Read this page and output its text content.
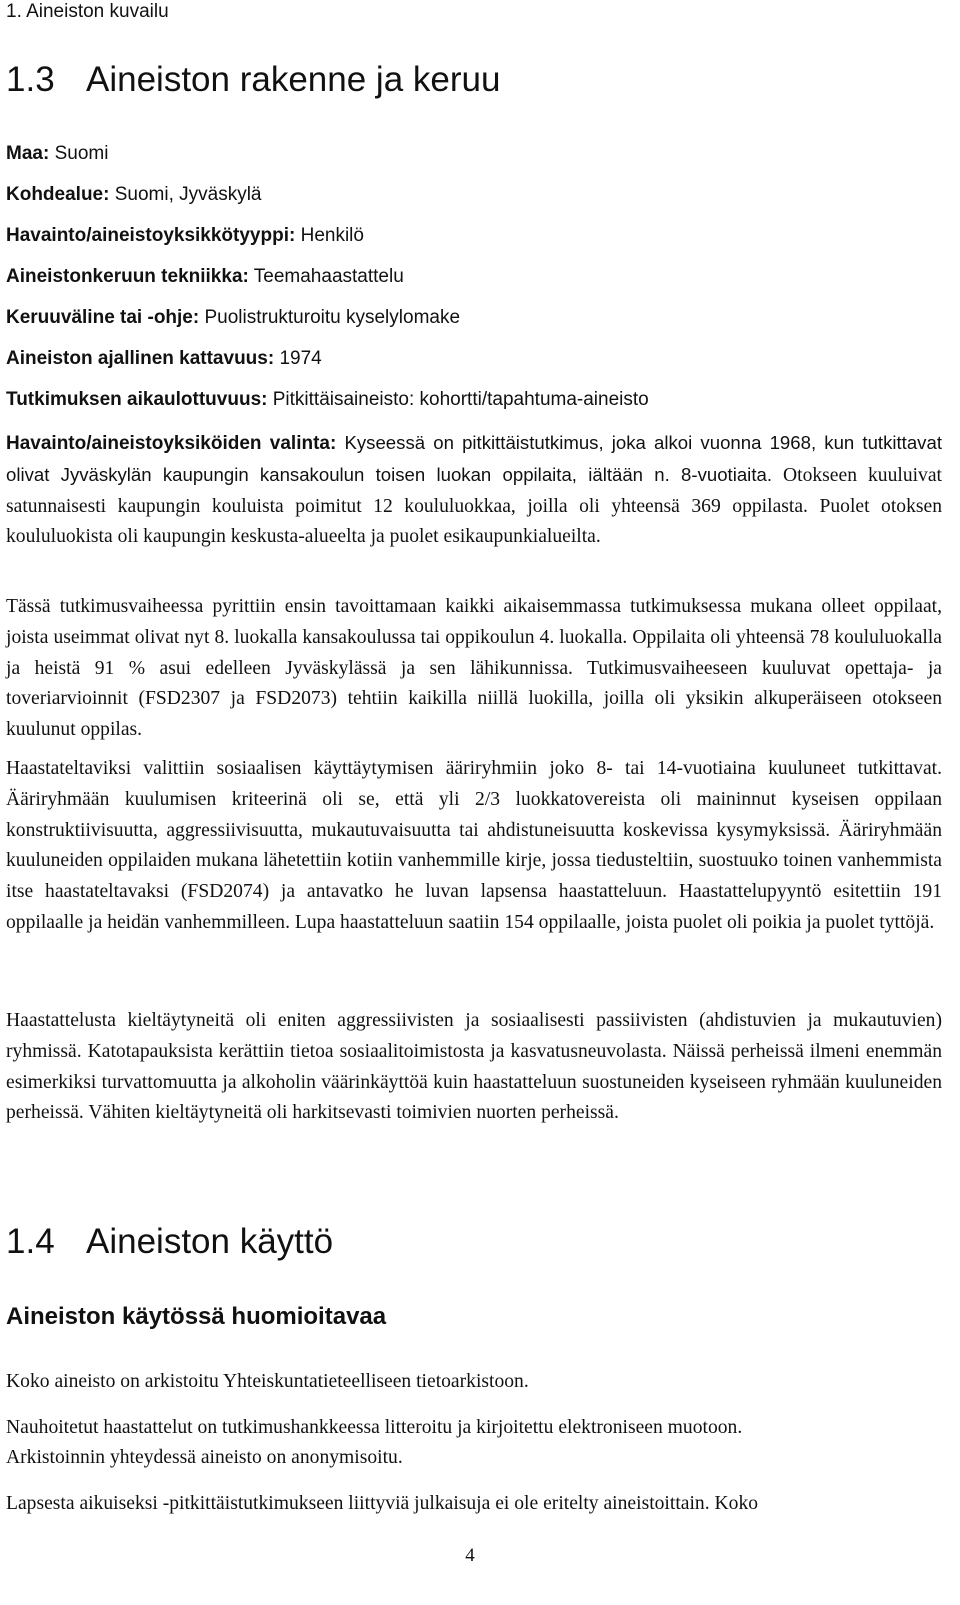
1. Aineiston kuvailu
1.3 Aineiston rakenne ja keruu
Maa: Suomi
Kohdealue: Suomi, Jyväskylä
Havainto/aineistoyksikkötyyppi: Henkilö
Aineistonkeruun tekniikka: Teemahaastattelu
Keruuväline tai -ohje: Puolistrukturoitu kyselylomake
Aineiston ajallinen kattavuus: 1974
Tutkimuksen aikaulottuvuus: Pitkittäisaineisto: kohortti/tapahtuma-aineisto

Havainto/aineistoyksiköiden valinta: Kyseessä on pitkittäistutkimus, joka alkoi vuonna 1968, kun tutkittavat olivat Jyväskylän kaupungin kansakoulun toisen luokan oppilaita, iältään n. 8-vuotiaita. Otokseen kuuluivat satunnaisesti kaupungin kouluista poimitut 12 koululuokkaa, joilla oli yhteensä 369 oppilasta. Puolet otoksen koululuokista oli kaupungin keskusta-alueelta ja puolet esikaupunkialueilta.

Tässä tutkimusvaiheessa pyrittiin ensin tavoittamaan kaikki aikaisemmassa tutkimuksessa mukana olleet oppilaat, joista useimmat olivat nyt 8. luokalla kansakoulussa tai oppikoulun 4. luokalla. Oppilaita oli yhteensä 78 koululuokalla ja heistä 91 % asui edelleen Jyväskylässä ja sen lähikunnissa. Tutkimusvaiheeseen kuuluvat opettaja- ja toveriarvioinnit (FSD2307 ja FSD2073) tehtiin kaikilla niillä luokilla, joilla oli yksikin alkuperäiseen otokseen kuulunut oppilas.

Haastateltaviksi valittiin sosiaalisen käyttäytymisen ääriryhmiin joko 8- tai 14-vuotiaina kuuluneet tutkittavat. Ääriryhmään kuulumisen kriteerinä oli se, että yli 2/3 luokkatovereista oli maininnut kyseisen oppilaan konstruktiivisuutta, aggressiivisuutta, mukautuvaisuutta tai ahdistuneisuutta koskevissa kysymyksissä. Ääriryhmään kuuluneiden oppilaiden mukana lähetettiin kotiin vanhemmille kirje, jossa tiedusteltiin, suostuuko toinen vanhemmista itse haastateltavaksi (FSD2074) ja antavatko he luvan lapsensa haastatteluun. Haastattelupyyntö esitettiin 191 oppilaalle ja heidän vanhemmilleen. Lupa haastatteluun saatiin 154 oppilaalle, joista puolet oli poikia ja puolet tyttöjä.

Haastattelusta kieltäytyneitä oli eniten aggressiivisten ja sosiaalisesti passiivisten (ahdistuvien ja mukautuvien) ryhmissä. Katotapauksista kerättiin tietoa sosiaalitoimistosta ja kasvatusneuvolasta. Näissä perheissä ilmeni enemmän esimerkiksi turvattomuutta ja alkoholin väärinkäyttöä kuin haastatteluun suostuneiden kyseiseen ryhmään kuuluneiden perheissä. Vähiten kieltäytyneitä oli harkitsevasti toimivien nuorten perheissä.

1.4 Aineiston käyttö
Aineiston käytössä huomioitavaa

Koko aineisto on arkistoitu Yhteiskuntatieteelliseen tietoarkistoon.

Nauhoitetut haastattelut on tutkimushankkeessa litteroitu ja kirjoitettu elektroniseen muotoon.

Arkistoinnin yhteydessä aineisto on anonymisoitu.

Lapsesta aikuiseksi -pitkittäistutkimukseen liittyviä julkaisuja ei ole eritelty aineistoittain. Koko

4
